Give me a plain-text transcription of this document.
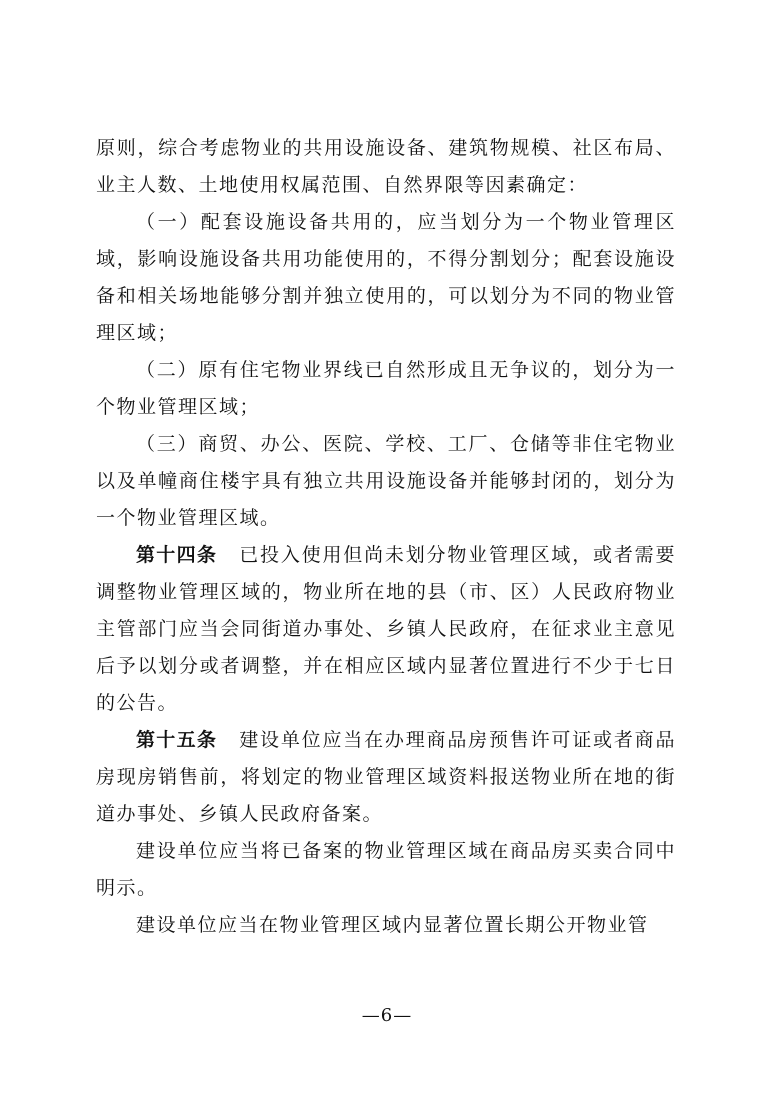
原则，综合考虑物业的共用设施设备、建筑物规模、社区布局、业主人数、土地使用权属范围、自然界限等因素确定：

（一）配套设施设备共用的，应当划分为一个物业管理区域，影响设施设备共用功能使用的，不得分割划分；配套设施设备和相关场地能够分割并独立使用的，可以划分为不同的物业管理区域；

（二）原有住宅物业界线已自然形成且无争议的，划分为一个物业管理区域；

（三）商贸、办公、医院、学校、工厂、仓储等非住宅物业以及单幢商住楼宇具有独立共用设施设备并能够封闭的，划分为一个物业管理区域。

第十四条 已投入使用但尚未划分物业管理区域，或者需要调整物业管理区域的，物业所在地的县（市、区）人民政府物业主管部门应当会同街道办事处、乡镇人民政府，在征求业主意见后予以划分或者调整，并在相应区域内显著位置进行不少于七日的公告。

第十五条 建设单位应当在办理商品房预售许可证或者商品房现房销售前，将划定的物业管理区域资料报送物业所在地的街道办事处、乡镇人民政府备案。

建设单位应当将已备案的物业管理区域在商品房买卖合同中明示。

建设单位应当在物业管理区域内显著位置长期公开物业管

—6—
